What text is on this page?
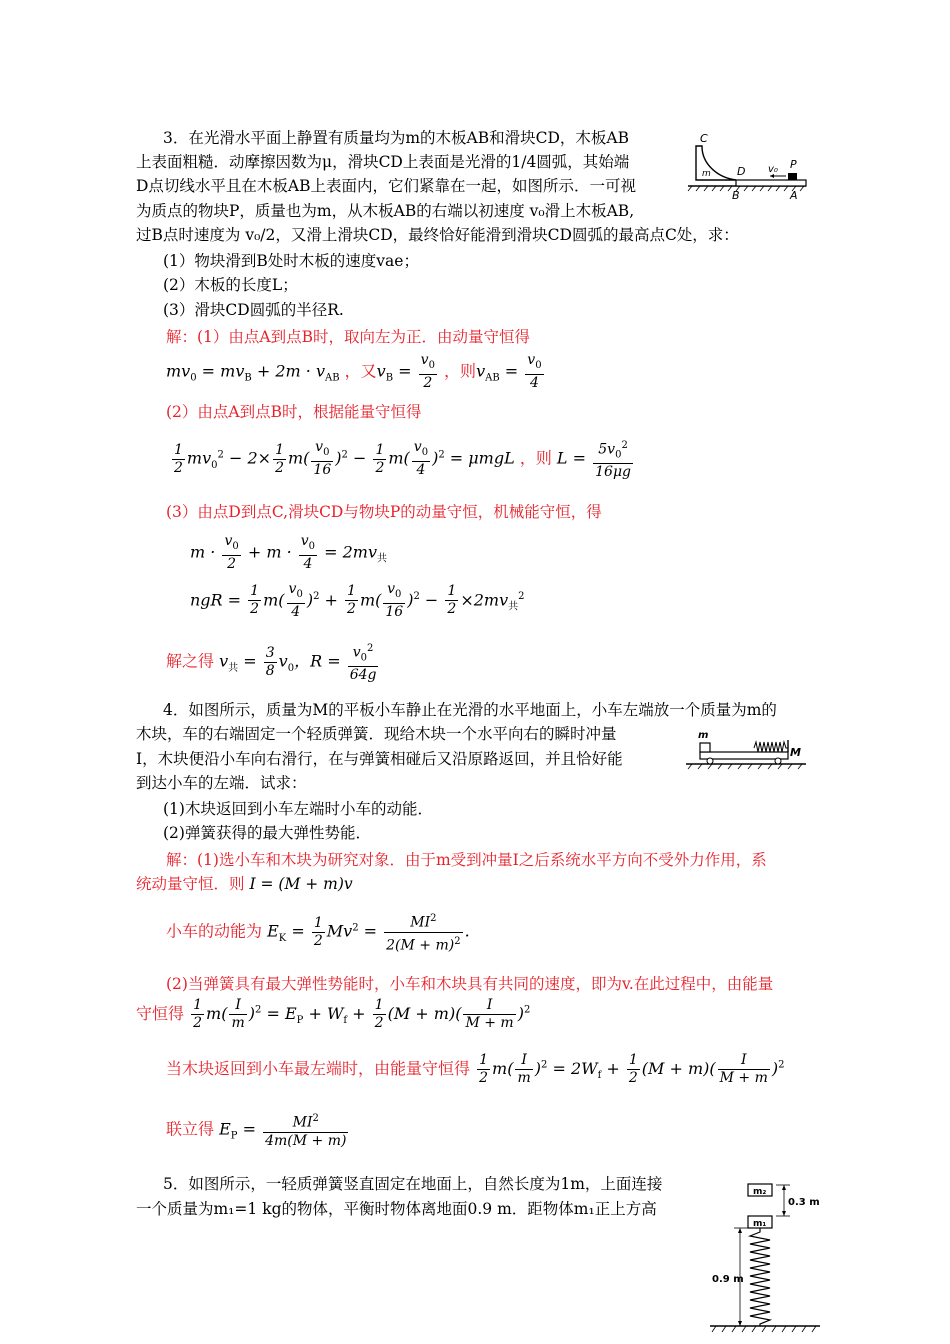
3．在光滑水平面上静置有质量均为m的木板AB和滑块CD，木板AB
上表面粗糙．动摩擦因数为μ，滑块CD上表面是光滑的1/4圆弧，其始端
D点切线水平且在木板AB上表面内，它们紧靠在一起，如图所示．一可视
为质点的物块P，质量也为m，从木板AB的右端以初速度 v₀滑上木板AB,
过B点时速度为 v₀/2，又滑上滑块CD，最终恰好能滑到滑块CD圆弧的最高点C处，求：
(1）物块滑到B处时木板的速度vae；
(2）木板的长度L；
(3）滑块CD圆弧的半径R.
C
m D v₀ P
B	A
解：(1）由点A到点B时，取向左为正．由动量守恒得
$mv_0 = mv_B + 2m \cdot v_{AB}$ ，又$v_B = \frac{v_0}{2}$ ，则$v_{AB} = \frac{v_0}{4}$
(2）由点A到点B时，根据能量守恒得
$\frac{1}{2} mv_0^2 - 2\times \frac{1}{2} m( \frac{v_0}{16} )^2 - \frac{1}{2} m( \frac{v_0}{4} )^2 = \mu mgL$ ，则 $L = \frac{5v_0^2}{16\mu g}$
(3）由点D到点C,滑块CD与物块P的动量守恒，机械能守恒，得
$m \cdot \frac{v_0}{2} + m \cdot \frac{v_0}{4} = 2mv_共$
ngR = $\frac{1}{2} m( \frac{v_0}{4} )^2 + \frac{1}{2} m( \frac{v_0}{16} )^2 - \frac{1}{2} \times 2mv_共^2$
解之得 $v_共 = \frac{3}{8} v_0$，$R = \frac{v_0^2}{64g}$
4．如图所示，质量为M的平板小车静止在光滑的水平地面上，小车左端放一个质量为m的
木块，车的右端固定一个轻质弹簧．现给木块一个水平向右的瞬时冲量
I，木块便沿小车向右滑行，在与弹簧相碰后又沿原路返回，并且恰好能
到达小车的左端．试求：
(1)木块返回到小车左端时小车的动能．
(2)弹簧获得的最大弹性势能．
m
M
解：(1)选小车和木块为研究对象．由于m受到冲量I之后系统水平方向不受外力作用，系
统动量守恒．则 I = (M + m)v
小车的动能为 $E_K = \frac{1}{2} Mv^2 = \frac{MI^2}{2(M + m)^2}$ .
(2)当弹簧具有最大弹性势能时，小车和木块具有共同的速度，即为v.在此过程中，由能量
守恒得 $\frac{1}{2} m( \frac{I}{m} )^2 = E_P + W_f + \frac{1}{2} (M + m)( \frac{I}{M + m} )^2$
当木块返回到小车最左端时，由能量守恒得 $\frac{1}{2} m( \frac{I}{m} )^2 = 2W_f + \frac{1}{2} (M + m)( \frac{I}{M + m} )^2$
联立得 $E_P = \frac{MI^2}{4m(M + m)}$
5．如图所示，一轻质弹簧竖直固定在地面上，自然长度为1m，上面连接
一个质量为m₁=1 kg的物体，平衡时物体离地面0.9 m．距物体m₁正上方高
m₂
m₁
0.3 m
0.9 m
